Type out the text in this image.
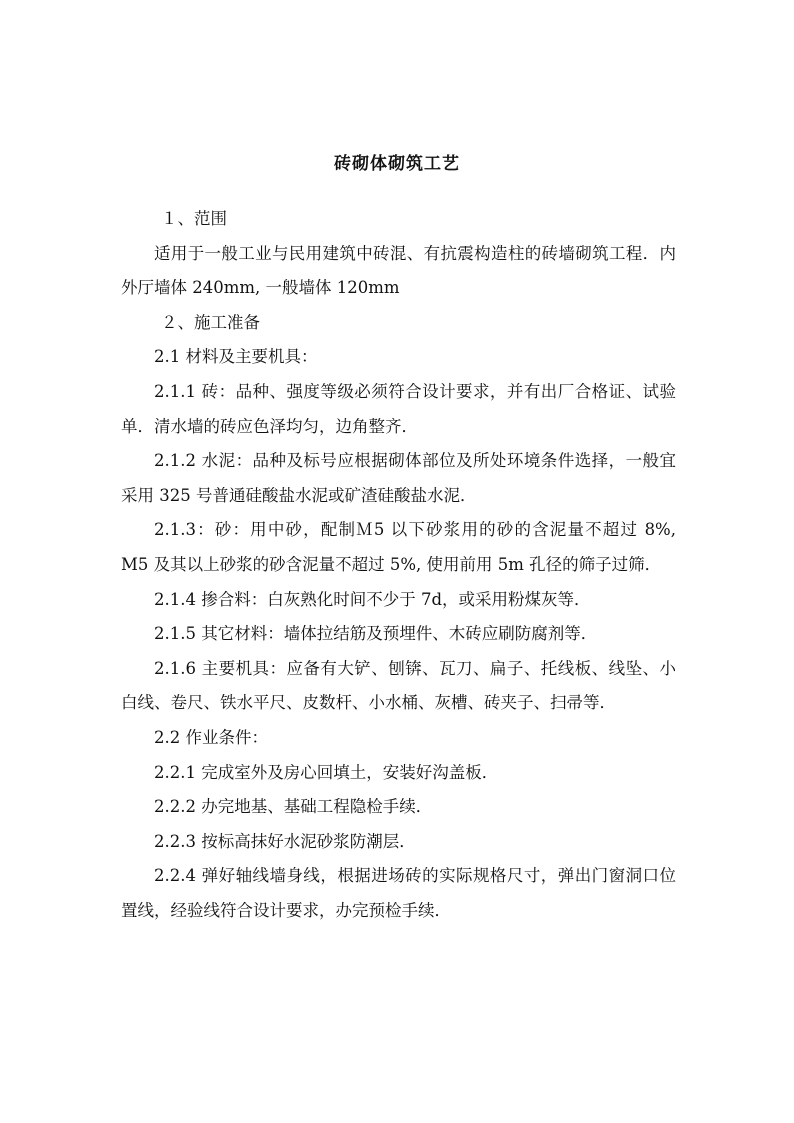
砖砌体砌筑工艺

１、范围

适用于一般工业与民用建筑中砖混、有抗震构造柱的砖墙砌筑工程．内外厅墙体 240mm, 一般墙体 120mm

２、施工准备

2.1 材料及主要机具：

2.1.1 砖：品种、强度等级必须符合设计要求，并有出厂合格证、试验单．清水墙的砖应色泽均匀，边角整齐．

2.1.2 水泥：品种及标号应根据砌体部位及所处环境条件选择，一般宜采用 325 号普通硅酸盐水泥或矿渣硅酸盐水泥．

2.1.3：砂：用中砂，配制Ｍ5 以下砂浆用的砂的含泥量不超过 8%, M5 及其以上砂浆的砂含泥量不超过 5%, 使用前用 5m 孔径的筛子过筛．

2.1.4 掺合料：白灰熟化时间不少于 7d，或采用粉煤灰等．

2.1.5 其它材料：墙体拉结筋及预埋件、木砖应刷防腐剂等．

2.1.6 主要机具：应备有大铲、刨锛、瓦刀、扁子、托线板、线坠、小白线、卷尺、铁水平尺、皮数杆、小水桶、灰槽、砖夹子、扫帚等．

2.2 作业条件：

2.2.1 完成室外及房心回填土，安装好沟盖板．

2.2.2 办完地基、基础工程隐检手续．

2.2.3 按标高抹好水泥砂浆防潮层．

2.2.4 弹好轴线墙身线，根据进场砖的实际规格尺寸，弹出门窗洞口位置线，经验线符合设计要求，办完预检手续．
